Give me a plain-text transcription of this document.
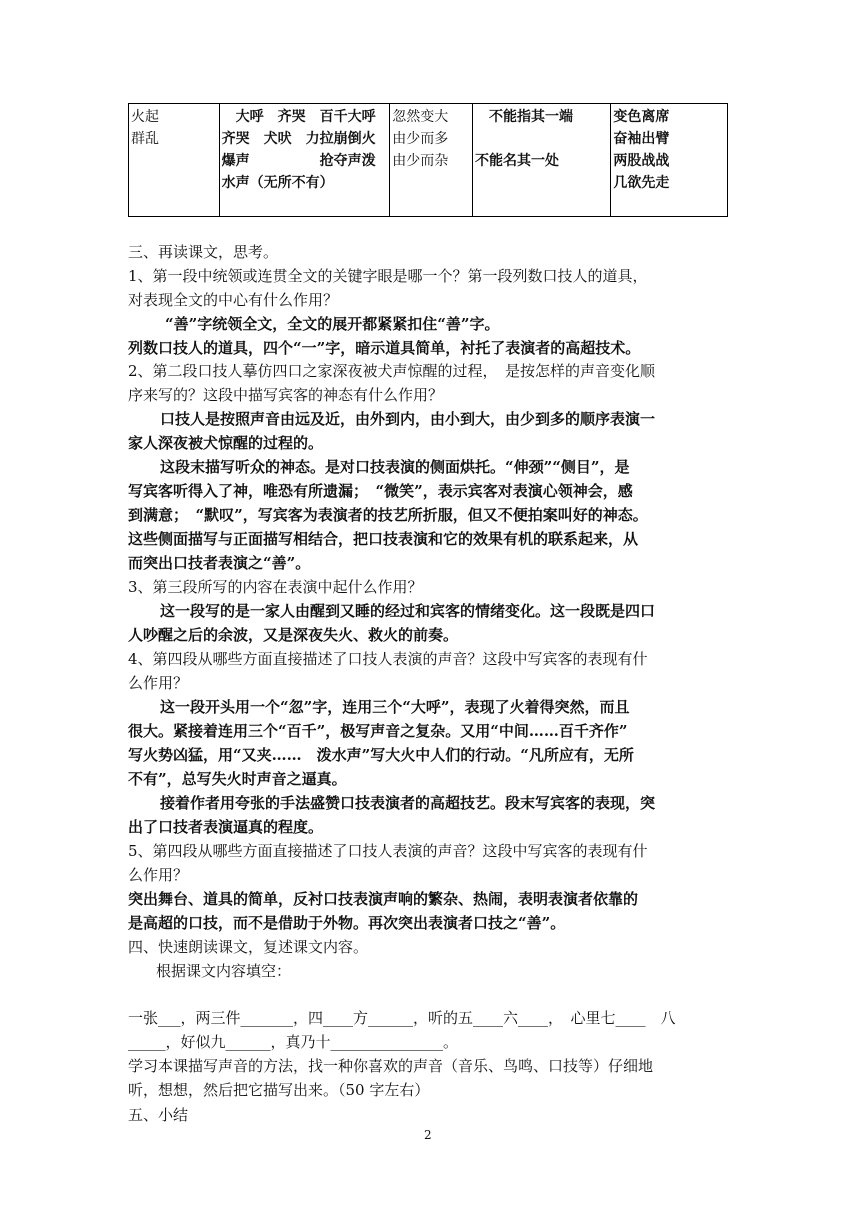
火起
群乱

　大呼　齐哭　百千大呼
齐哭　犬吠　力拉崩倒火
爆声　　　　　抢夺声泼
水声（无所不有）

忽然变大
由少而多
由少而杂

　不能指其一端
不能名其一处

变色离席
奋袖出臂
两股战战
几欲先走
三、再读课文，思考。
1、第一段中统领或连贯全文的关键字眼是哪一个？第一段列数口技人的道具，
对表现全文的中心有什么作用？
　“善”字统领全文，全文的展开都紧紧扣住“善”字。
列数口技人的道具，四个“一”字，暗示道具简单，衬托了表演者的高超技术。
2、第二段口技人摹仿四口之家深夜被犬声惊醒的过程，　是按怎样的声音变化顺
序来写的？这段中描写宾客的神态有什么作用？
口技人是按照声音由远及近，由外到内，由小到大，由少到多的顺序表演一
家人深夜被犬惊醒的过程的。
这段末描写听众的神态。是对口技表演的侧面烘托。“伸颈”“侧目”，是
写宾客听得入了神，唯恐有所遗漏；　“微笑”，表示宾客对表演心领神会，感
到满意；　“默叹”，写宾客为表演者的技艺所折服，但又不便拍案叫好的神态。
这些侧面描写与正面描写相结合，把口技表演和它的效果有机的联系起来，从
而突出口技者表演之“善”。
3、第三段所写的内容在表演中起什么作用？
这一段写的是一家人由醒到又睡的经过和宾客的情绪变化。这一段既是四口
人吵醒之后的余波，又是深夜失火、救火的前奏。
4、第四段从哪些方面直接描述了口技人表演的声音？这段中写宾客的表现有什
么作用？
这一段开头用一个“忽”字，连用三个“大呼”，表现了火着得突然，而且
很大。紧接着连用三个“百千”，极写声音之复杂。又用“中间……百千齐作”
写火势凶猛，用“又夹……　泼水声”写大火中人们的行动。“凡所应有，无所
不有”，总写失火时声音之逼真。
接着作者用夸张的手法盛赞口技表演者的高超技艺。段末写宾客的表现，突
出了口技者表演逼真的程度。
5、第四段从哪些方面直接描述了口技人表演的声音？这段中写宾客的表现有什
么作用？
突出舞台、道具的简单，反衬口技表演声响的繁杂、热闹，表明表演者依靠的
是高超的口技，而不是借助于外物。再次突出表演者口技之“善”。
四、快速朗读课文，复述课文内容。
根据课文内容填空：
一张___，两三件_______，四____方______，听的五____六____，　心里七____　八
_____，好似九______，真乃十_______________。
学习本课描写声音的方法，找一种你喜欢的声音（音乐、鸟鸣、口技等）仔细地
听，想想，然后把它描写出来。（50 字左右）
五、小结
2
